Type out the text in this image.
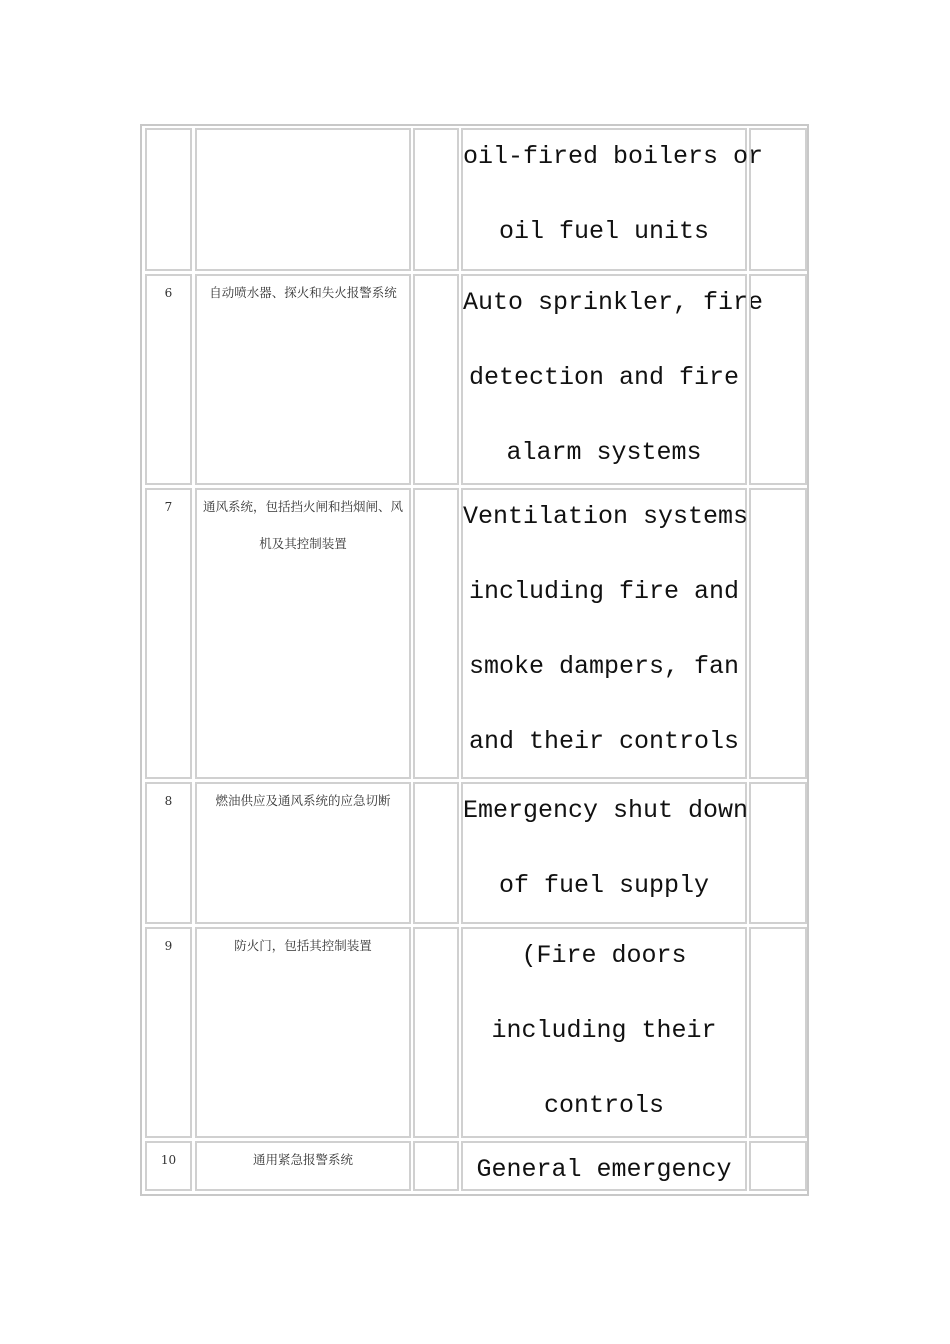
oil-fired boilers or
oil fuel units
6	自动喷水器、探火和失火报警系统	Auto sprinkler, fire
detection and fire
alarm systems
7	通风系统，包括挡火闸和挡烟闸、风机及其控制装置
Ventilation systems
including fire and
smoke dampers, fan
and their controls
8	燃油供应及通风系统的应急切断	Emergency shut down
of fuel supply
9	防火门，包括其控制装置	(Fire doors
including their
controls
10	通用紧急报警系统	General emergency
